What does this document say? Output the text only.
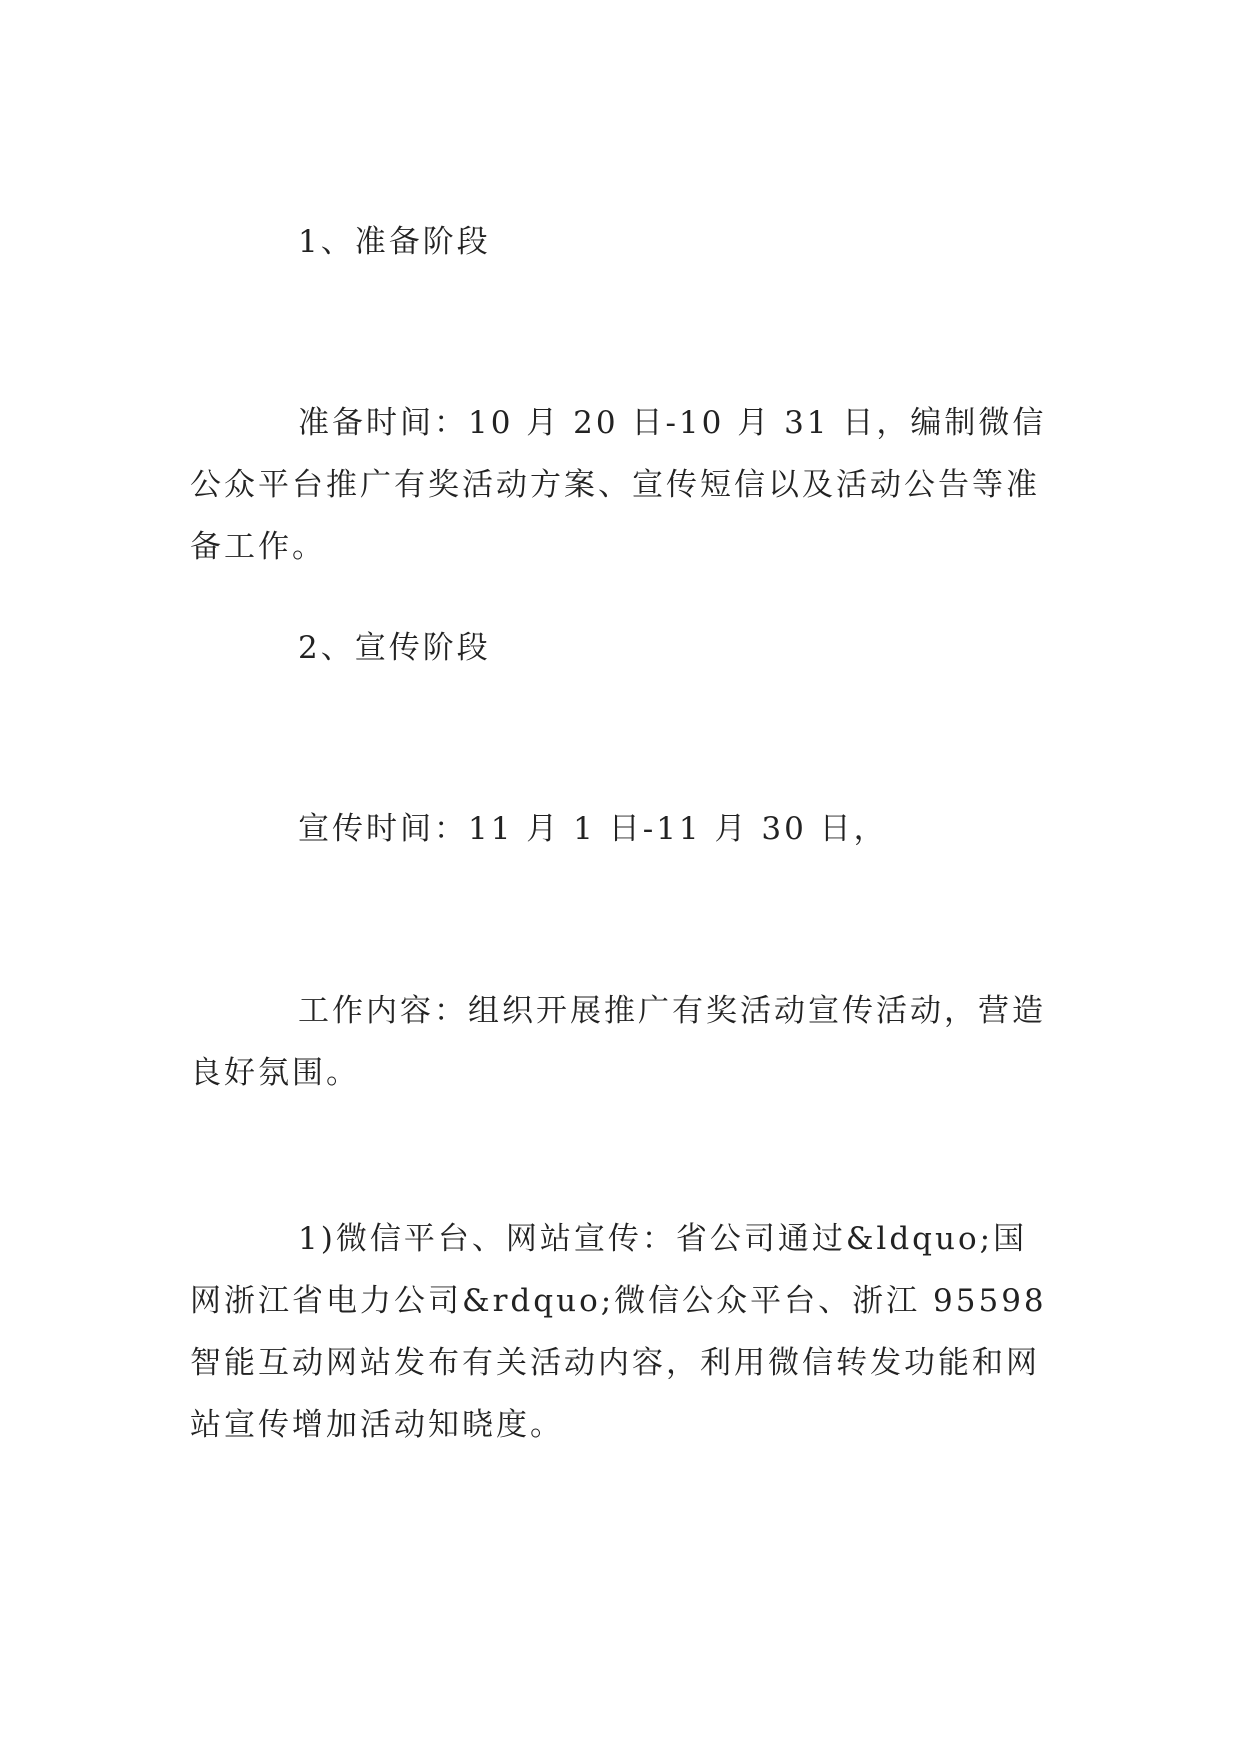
1、准备阶段

准备时间：10 月 20 日-10 月 31 日，编制微信公众平台推广有奖活动方案、宣传短信以及活动公告等准备工作。

2、宣传阶段

宣传时间：11 月 1 日-11 月 30 日，

工作内容：组织开展推广有奖活动宣传活动，营造良好氛围。

1)微信平台、网站宣传：省公司通过&ldquo;国网浙江省电力公司&rdquo;微信公众平台、浙江 95598 智能互动网站发布有关活动内容，利用微信转发功能和网站宣传增加活动知晓度。
